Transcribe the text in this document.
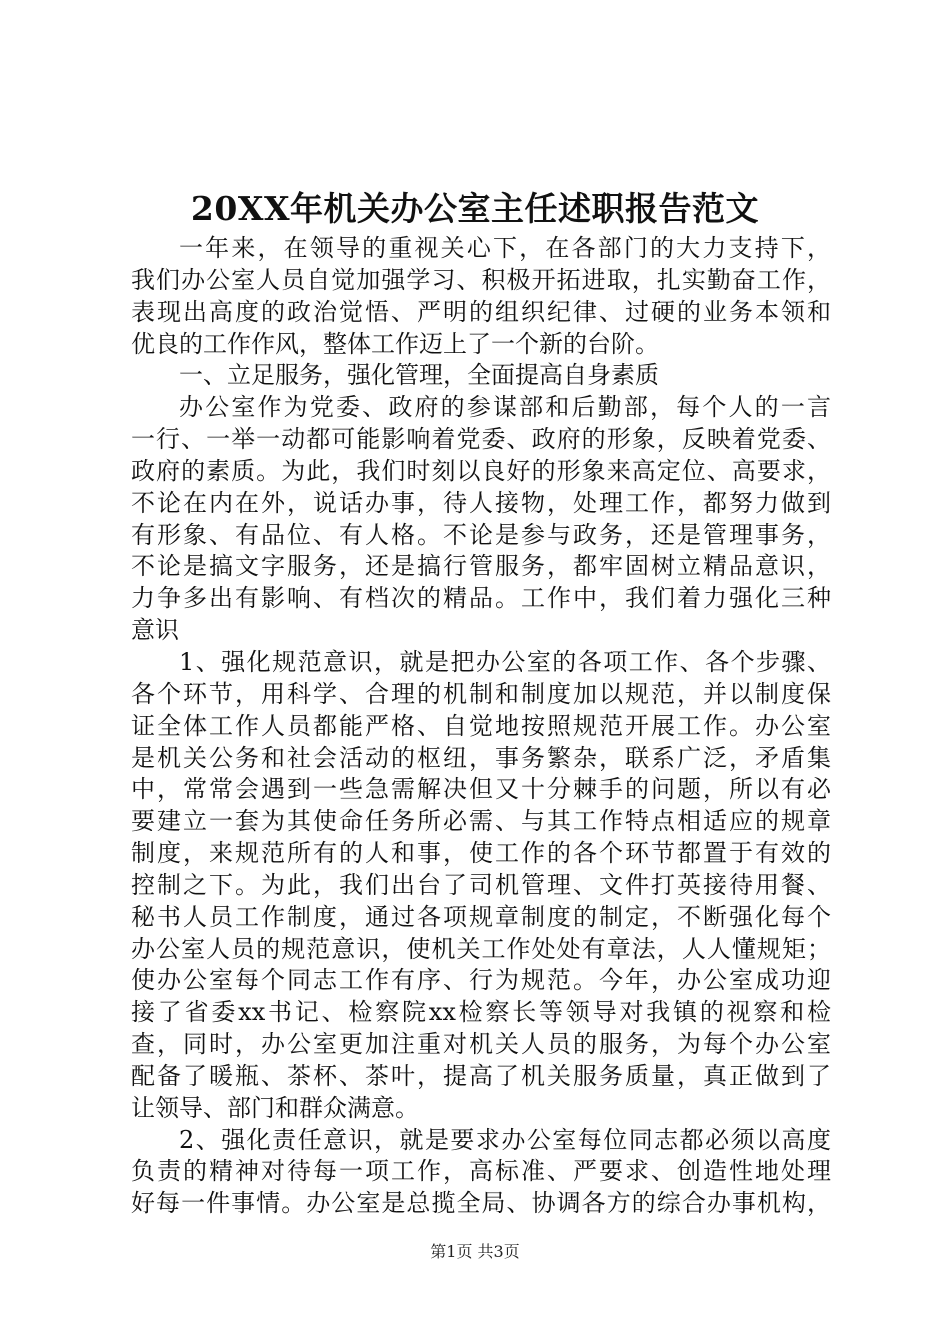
20XX年机关办公室主任述职报告范文
一年来，在领导的重视关心下，在各部门的大力支持下，
我们办公室人员自觉加强学习、积极开拓进取，扎实勤奋工作，
表现出高度的政治觉悟、严明的组织纪律、过硬的业务本领和
优良的工作作风，整体工作迈上了一个新的台阶。
一、立足服务，强化管理，全面提高自身素质
办公室作为党委、政府的参谋部和后勤部，每个人的一言
一行、一举一动都可能影响着党委、政府的形象，反映着党委、
政府的素质。为此，我们时刻以良好的形象来高定位、高要求，
不论在内在外，说话办事，待人接物，处理工作，都努力做到
有形象、有品位、有人格。不论是参与政务，还是管理事务，
不论是搞文字服务，还是搞行管服务，都牢固树立精品意识，
力争多出有影响、有档次的精品。工作中，我们着力强化三种
意识
1、强化规范意识，就是把办公室的各项工作、各个步骤、
各个环节，用科学、合理的机制和制度加以规范，并以制度保
证全体工作人员都能严格、自觉地按照规范开展工作。办公室
是机关公务和社会活动的枢纽，事务繁杂，联系广泛，矛盾集
中，常常会遇到一些急需解决但又十分棘手的问题，所以有必
要建立一套为其使命任务所必需、与其工作特点相适应的规章
制度，来规范所有的人和事，使工作的各个环节都置于有效的
控制之下。为此，我们出台了司机管理、文件打英接待用餐、
秘书人员工作制度，通过各项规章制度的制定，不断强化每个
办公室人员的规范意识，使机关工作处处有章法，人人懂规矩；
使办公室每个同志工作有序、行为规范。今年，办公室成功迎
接了省委xx书记、检察院xx检察长等领导对我镇的视察和检
查，同时，办公室更加注重对机关人员的服务，为每个办公室
配备了暖瓶、茶杯、茶叶，提高了机关服务质量，真正做到了
让领导、部门和群众满意。
2、强化责任意识，就是要求办公室每位同志都必须以高度
负责的精神对待每一项工作，高标准、严要求、创造性地处理
好每一件事情。办公室是总揽全局、协调各方的综合办事机构，
第1页 共3页
